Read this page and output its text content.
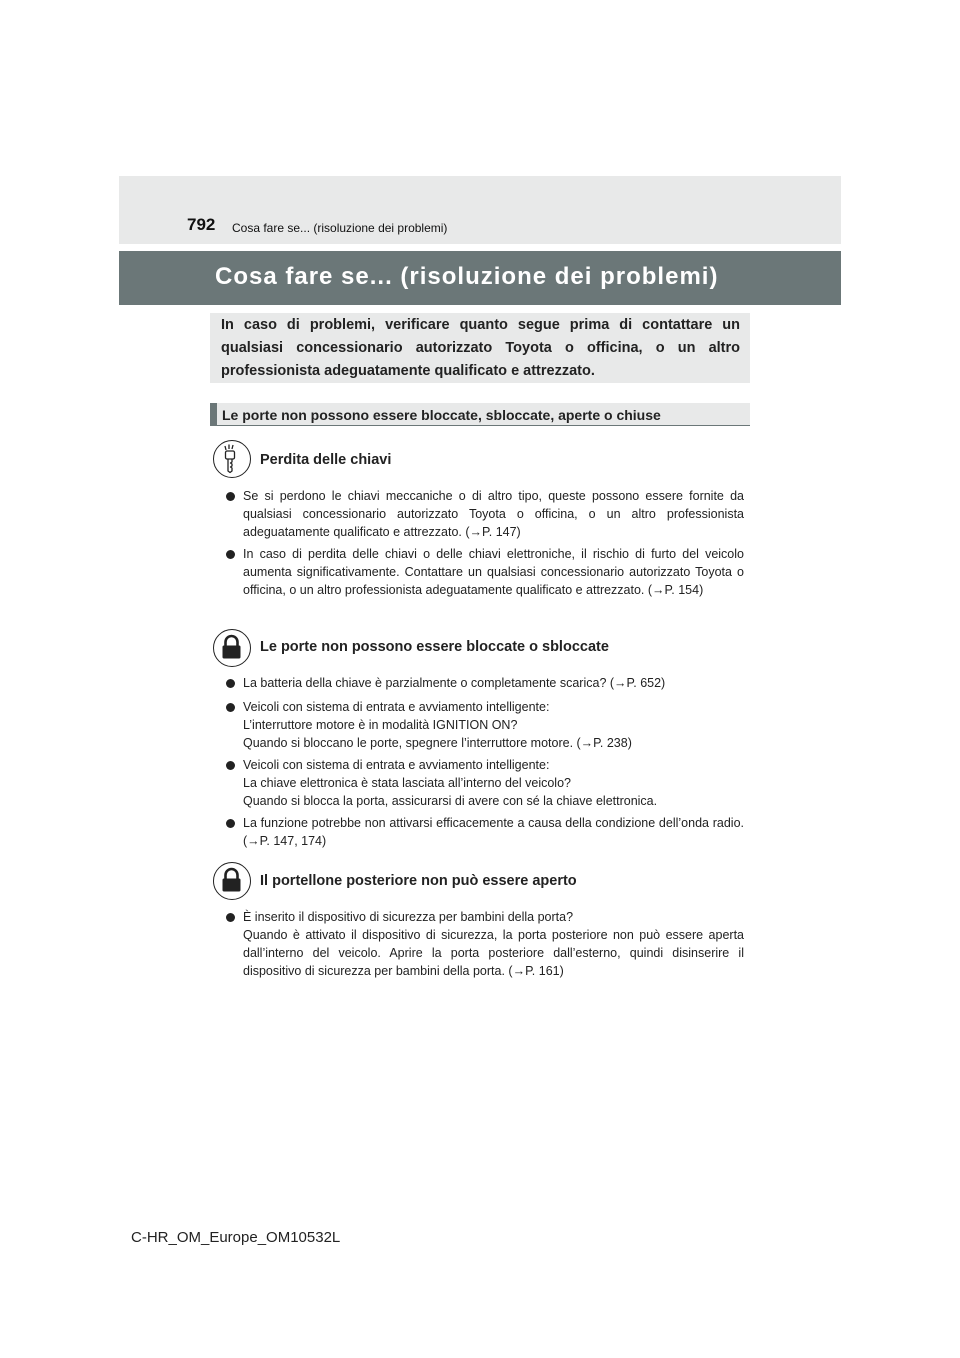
792 Cosa fare se... (risoluzione dei problemi)
Cosa fare se... (risoluzione dei problemi)
In caso di problemi, verificare quanto segue prima di contattare un qualsiasi concessionario autorizzato Toyota o officina, o un altro professionista adeguatamente qualificato e attrezzato.
Le porte non possono essere bloccate, sbloccate, aperte o chiuse
Perdita delle chiavi
Se si perdono le chiavi meccaniche o di altro tipo, queste possono essere fornite da qualsiasi concessionario autorizzato Toyota o officina, o un altro professionista adeguatamente qualificato e attrezzato. (→P. 147)
In caso di perdita delle chiavi o delle chiavi elettroniche, il rischio di furto del veicolo aumenta significativamente. Contattare un qualsiasi concessionario autorizzato Toyota o officina, o un altro professionista adeguatamente qualificato e attrezzato. (→P. 154)
Le porte non possono essere bloccate o sbloccate
La batteria della chiave è parzialmente o completamente scarica? (→P. 652)
Veicoli con sistema di entrata e avviamento intelligente:
L’interruttore motore è in modalità IGNITION ON?
Quando si bloccano le porte, spegnere l’interruttore motore. (→P. 238)
Veicoli con sistema di entrata e avviamento intelligente:
La chiave elettronica è stata lasciata all’interno del veicolo?
Quando si blocca la porta, assicurarsi di avere con sé la chiave elettronica.
La funzione potrebbe non attivarsi efficacemente a causa della condizione dell’onda radio. (→P. 147, 174)
Il portellone posteriore non può essere aperto
È inserito il dispositivo di sicurezza per bambini della porta?
Quando è attivato il dispositivo di sicurezza, la porta posteriore non può essere aperta dall’interno del veicolo. Aprire la porta posteriore dall’esterno, quindi disinserire il dispositivo di sicurezza per bambini della porta. (→P. 161)
C-HR_OM_Europe_OM10532L
